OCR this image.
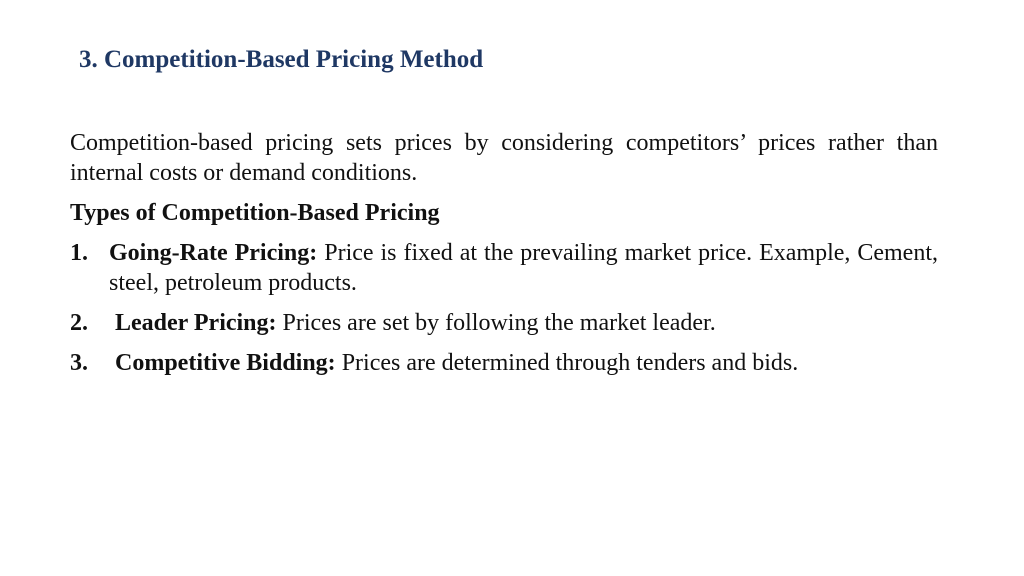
3. Competition-Based Pricing Method

Competition-based pricing sets prices by considering competitors’ prices rather than internal costs or demand conditions.

Types of Competition-Based Pricing

1. Going-Rate Pricing: Price is fixed at the prevailing market price. Example, Cement, steel, petroleum products.
2.	Leader Pricing: Prices are set by following the market leader.
3.	Competitive Bidding: Prices are determined through tenders and bids.
